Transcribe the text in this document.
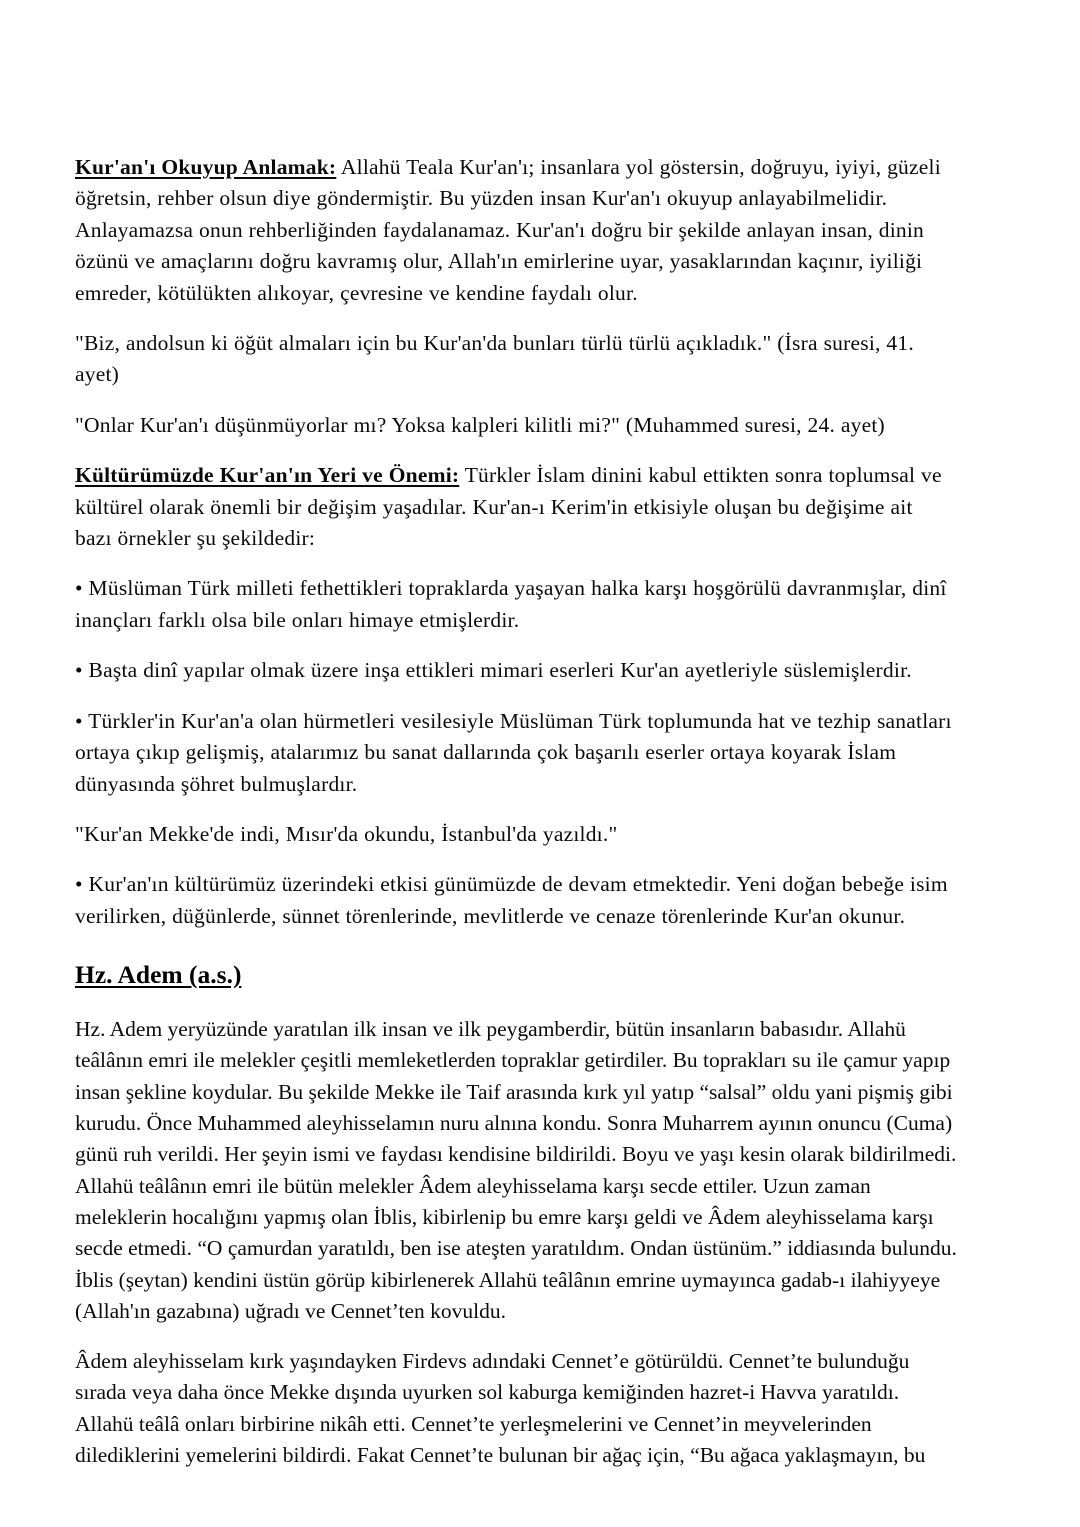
Kur'an'ı Okuyup Anlamak: Allahü Teala Kur'an'ı; insanlara yol göstersin, doğruyu, iyiyi, güzeli öğretsin, rehber olsun diye göndermiştir. Bu yüzden insan Kur'an'ı okuyup anlayabilmelidir. Anlayamazsa onun rehberliğinden faydalanamaz. Kur'an'ı doğru bir şekilde anlayan insan, dinin özünü ve amaçlarını doğru kavramış olur, Allah'ın emirlerine uyar, yasaklarından kaçınır, iyiliği emreder, kötülükten alıkoyar, çevresine ve kendine faydalı olur.

"Biz, andolsun ki öğüt almaları için bu Kur'an'da bunları türlü türlü açıkladık." (İsra suresi, 41. ayet)

"Onlar Kur'an'ı düşünmüyorlar mı? Yoksa kalpleri kilitli mi?" (Muhammed suresi, 24. ayet)

Kültürümüzde Kur'an'ın Yeri ve Önemi: Türkler İslam dinini kabul ettikten sonra toplumsal ve kültürel olarak önemli bir değişim yaşadılar. Kur'an-ı Kerim'in etkisiyle oluşan bu değişime ait bazı örnekler şu şekildedir:

• Müslüman Türk milleti fethettikleri topraklarda yaşayan halka karşı hoşgörülü davranmışlar, dinî inançları farklı olsa bile onları himaye etmişlerdir.

• Başta dinî yapılar olmak üzere inşa ettikleri mimari eserleri Kur'an ayetleriyle süslemişlerdir.

• Türkler'in Kur'an'a olan hürmetleri vesilesiyle Müslüman Türk toplumunda hat ve tezhip sanatları ortaya çıkıp gelişmiş, atalarımız bu sanat dallarında çok başarılı eserler ortaya koyarak İslam dünyasında şöhret bulmuşlardır.

"Kur'an Mekke'de indi, Mısır'da okundu, İstanbul'da yazıldı."

• Kur'an'ın kültürümüz üzerindeki etkisi günümüzde de devam etmektedir. Yeni doğan bebeğe isim verilirken, düğünlerde, sünnet törenlerinde, mevlitlerde ve cenaze törenlerinde Kur'an okunur.

Hz. Adem (a.s.)

Hz. Adem yeryüzünde yaratılan ilk insan ve ilk peygamberdir, bütün insanların babasıdır. Allahü teâlânın emri ile melekler çeşitli memleketlerden topraklar getirdiler. Bu toprakları su ile çamur yapıp insan şekline koydular. Bu şekilde Mekke ile Taif arasında kırk yıl yatıp “salsal” oldu yani pişmiş gibi kurudu. Önce Muhammed aleyhisselamın nuru alnına kondu. Sonra Muharrem ayının onuncu (Cuma) günü ruh verildi. Her şeyin ismi ve faydası kendisine bildirildi. Boyu ve yaşı kesin olarak bildirilmedi. Allahü teâlânın emri ile bütün melekler Âdem aleyhisselama karşı secde ettiler. Uzun zaman meleklerin hocalığını yapmış olan İblis, kibirlenip bu emre karşı geldi ve Âdem aleyhisselama karşı secde etmedi. “O çamurdan yaratıldı, ben ise ateşten yaratıldım. Ondan üstünüm.” iddiasında bulundu. İblis (şeytan) kendini üstün görüp kibirlenerek Allahü teâlânın emrine uymayınca gadab-ı ilahiyyeye (Allah'ın gazabına) uğradı ve Cennet’ten kovuldu.

Âdem aleyhisselam kırk yaşındayken Firdevs adındaki Cennet’e götürüldü. Cennet’te bulunduğu sırada veya daha önce Mekke dışında uyurken sol kaburga kemiğinden hazret-i Havva yaratıldı. Allahü teâlâ onları birbirine nikâh etti. Cennet’te yerleşmelerini ve Cennet’in meyvelerinden dilediklerini yemelerini bildirdi. Fakat Cennet’te bulunan bir ağaç için, “Bu ağaca yaklaşmayın, bu
